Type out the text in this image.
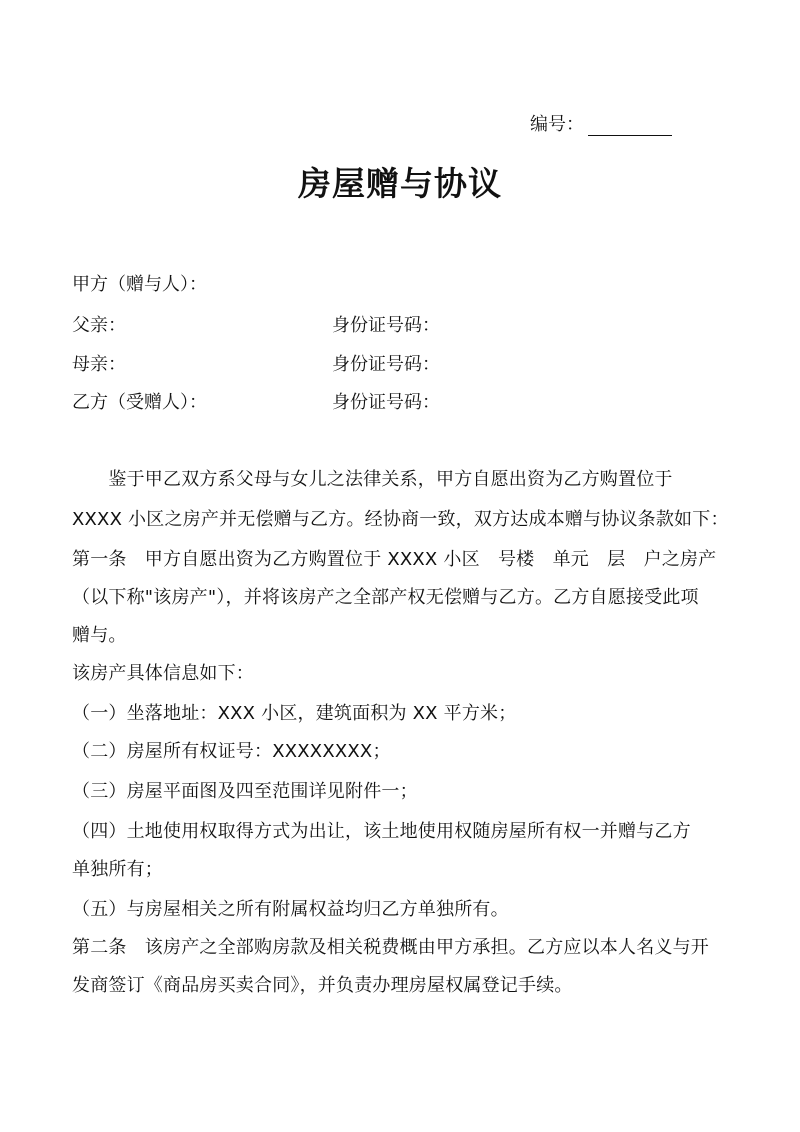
编号：
房屋赠与协议
甲方（赠与人）：
父亲：	身份证号码：
母亲：	身份证号码：
乙方（受赠人）：	身份证号码：
　　鉴于甲乙双方系父母与女儿之法律关系，甲方自愿出资为乙方购置位于
XXXX 小区之房产并无偿赠与乙方。经协商一致，双方达成本赠与协议条款如下：
第一条　甲方自愿出资为乙方购置位于 XXXX 小区　号楼　单元　层　户之房产
（以下称"该房产"），并将该房产之全部产权无偿赠与乙方。乙方自愿接受此项
赠与。
该房产具体信息如下：
（一）坐落地址：XXX 小区，建筑面积为 XX 平方米；
（二）房屋所有权证号：XXXXXXXX；
（三）房屋平面图及四至范围详见附件一；
（四）土地使用权取得方式为出让，该土地使用权随房屋所有权一并赠与乙方
单独所有；
（五）与房屋相关之所有附属权益均归乙方单独所有。
第二条　该房产之全部购房款及相关税费概由甲方承担。乙方应以本人名义与开
发商签订《商品房买卖合同》，并负责办理房屋权属登记手续。
